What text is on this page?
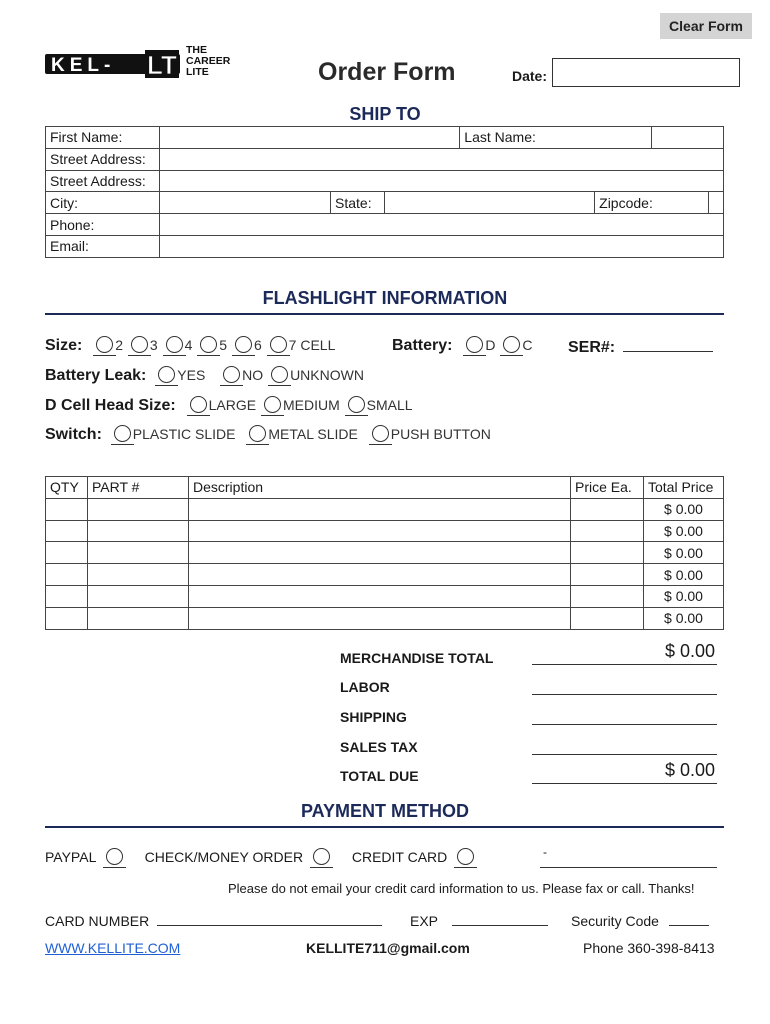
Clear Form
KEL- LT THE
CAREER
LITE	Order Form	Date:
SHIP TO
First Name:				Last Name:			
Street Address:							
Street Address:							
City:		State:			Zipcode:		
Phone:							
Email:							
FLASHLIGHT INFORMATION
Size: 2 3 4 5 6 7 CELL	Battery: D C SER#:
Battery Leak: YES	NO UNKNOWN
D Cell Head Size: LARGE MEDIUM SMALL
Switch: PLASTIC SLIDE METAL SLIDE PUSH BUTTON
QTY	PART #	Description	Price Ea.	Total Price
				$ 0.00
				$ 0.00
				$ 0.00
				$ 0.00
				$ 0.00
				$ 0.00
MERCHANDISE TOTAL	$ 0.00
LABOR
SHIPPING
SALES TAX
TOTAL DUE	$ 0.00
PAYMENT METHOD
PAYPAL	CHECK/MONEY ORDER	CREDIT CARD	-
Please do not email your credit card information to us. Please fax or call. Thanks!
CARD NUMBER	EXP	Security Code
WWW.KELLITE.COM	KELLITE711@gmail.com	Phone 360-398-8413
